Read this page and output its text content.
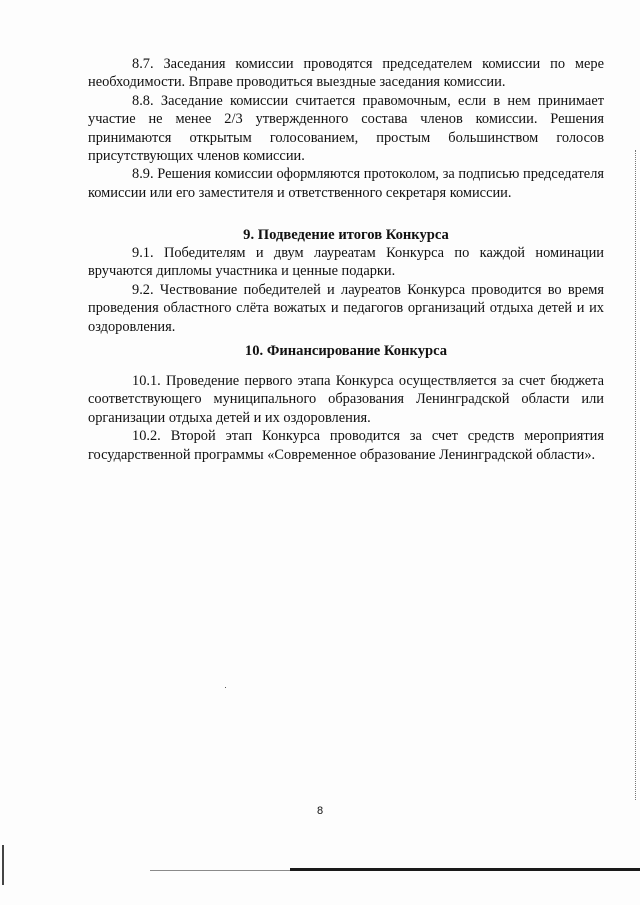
8.7. Заседания комиссии проводятся председателем комиссии по мере необходимости. Вправе проводиться выездные заседания комиссии.

8.8. Заседание комиссии считается правомочным, если в нем принимает участие не менее 2/3 утвержденного состава членов комиссии. Решения принимаются открытым голосованием, простым большинством голосов присутствующих членов комиссии.

8.9. Решения комиссии оформляются протоколом, за подписью председателя комиссии или его заместителя и ответственного секретаря комиссии.

9. Подведение итогов Конкурса

9.1. Победителям и двум лауреатам Конкурса по каждой номинации вручаются дипломы участника и ценные подарки.

9.2. Чествование победителей и лауреатов Конкурса проводится во время проведения областного слёта вожатых и педагогов организаций отдыха детей и их оздоровления.

10. Финансирование Конкурса

10.1. Проведение первого этапа Конкурса осуществляется за счет бюджета соответствующего муниципального образования Ленинградской области или организации отдыха детей и их оздоровления.

10.2. Второй этап Конкурса проводится за счет средств мероприятия государственной программы «Современное образование Ленинградской области».

8
